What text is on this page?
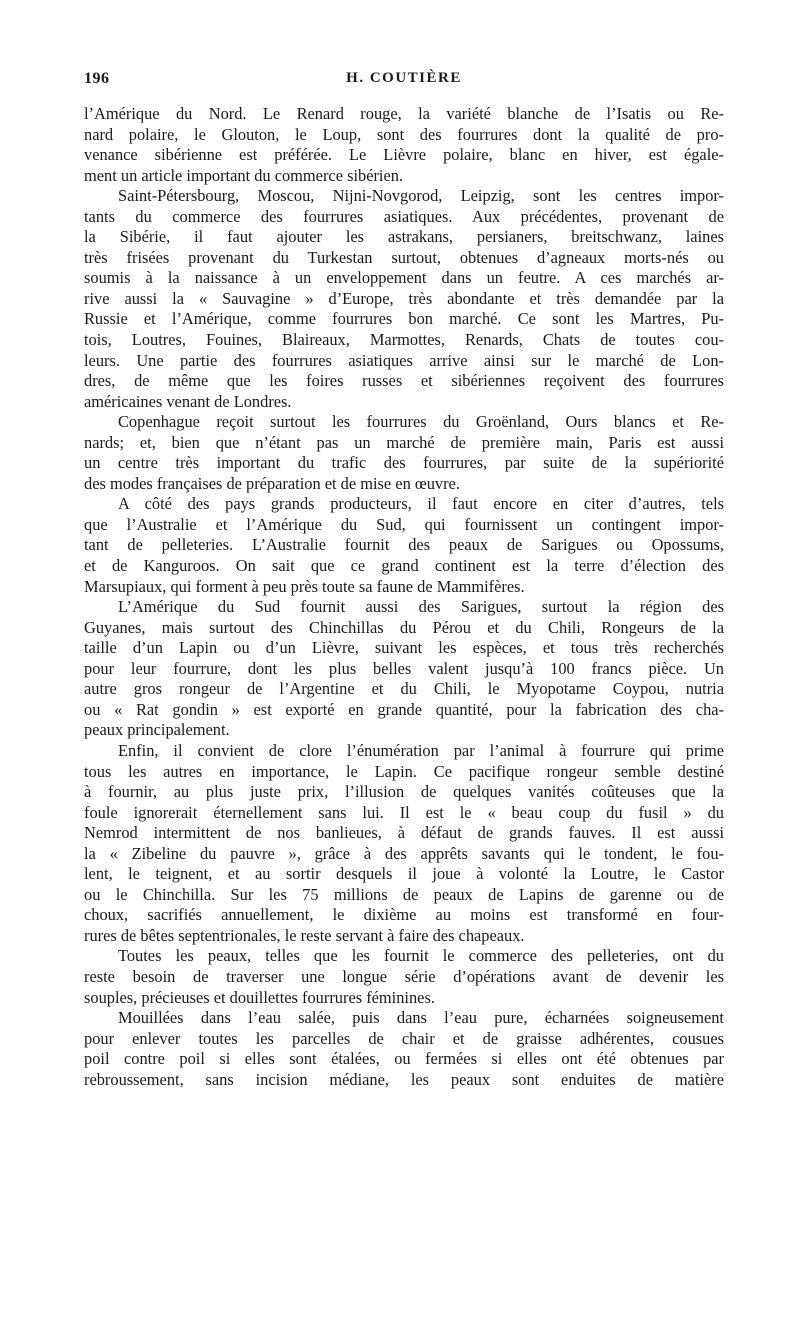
196	H. COUTIÈRE
l’Amérique du Nord. Le Renard rouge, la variété blanche de l’Isatis ou Re-
nard polaire, le Glouton, le Loup, sont des fourrures dont la qualité de pro-
venance sibérienne est préférée. Le Lièvre polaire, blanc en hiver, est égale-
ment un article important du commerce sibérien.
Saint-Pétersbourg, Moscou, Nijni-Novgorod, Leipzig, sont les centres impor-
tants du commerce des fourrures asiatiques. Aux précédentes, provenant de
la Sibérie, il faut ajouter les astrakans, persianers, breitschwanz, laines
très frisées provenant du Turkestan surtout, obtenues d’agneaux morts-nés ou
soumis à la naissance à un enveloppement dans un feutre. A ces marchés ar-
rive aussi la « Sauvagine » d’Europe, très abondante et très demandée par la
Russie et l’Amérique, comme fourrures bon marché. Ce sont les Martres, Pu-
tois, Loutres, Fouines, Blaireaux, Marmottes, Renards, Chats de toutes cou-
leurs. Une partie des fourrures asiatiques arrive ainsi sur le marché de Lon-
dres, de même que les foires russes et sibériennes reçoivent des fourrures
américaines venant de Londres.
Copenhague reçoit surtout les fourrures du Groënland, Ours blancs et Re-
nards; et, bien que n’étant pas un marché de première main, Paris est aussi
un centre très important du trafic des fourrures, par suite de la supériorité
des modes françaises de préparation et de mise en œuvre.
A côté des pays grands producteurs, il faut encore en citer d’autres, tels
que l’Australie et l’Amérique du Sud, qui fournissent un contingent impor-
tant de pelleteries. L’Australie fournit des peaux de Sarigues ou Opossums,
et de Kanguroos. On sait que ce grand continent est la terre d’élection des
Marsupiaux, qui forment à peu près toute sa faune de Mammifères.
L’Amérique du Sud fournit aussi des Sarigues, surtout la région des
Guyanes, mais surtout des Chinchillas du Pérou et du Chili, Rongeurs de la
taille d’un Lapin ou d’un Lièvre, suivant les espèces, et tous très recherchés
pour leur fourrure, dont les plus belles valent jusqu’à 100 francs pièce. Un
autre gros rongeur de l’Argentine et du Chili, le Myopotame Coypou, nutria
ou « Rat gondin » est exporté en grande quantité, pour la fabrication des cha-
peaux principalement.
Enfin, il convient de clore l’énumération par l’animal à fourrure qui prime
tous les autres en importance, le Lapin. Ce pacifique rongeur semble destiné
à fournir, au plus juste prix, l’illusion de quelques vanités coûteuses que la
foule ignorerait éternellement sans lui. Il est le « beau coup du fusil » du
Nemrod intermittent de nos banlieues, à défaut de grands fauves. Il est aussi
la « Zibeline du pauvre », grâce à des apprêts savants qui le tondent, le fou-
lent, le teignent, et au sortir desquels il joue à volonté la Loutre, le Castor
ou le Chinchilla. Sur les 75 millions de peaux de Lapins de garenne ou de
choux, sacrifiés annuellement, le dixième au moins est transformé en four-
rures de bêtes septentrionales, le reste servant à faire des chapeaux.
Toutes les peaux, telles que les fournit le commerce des pelleteries, ont du
reste besoin de traverser une longue série d’opérations avant de devenir les
souples, précieuses et douillettes fourrures féminines.
Mouillées dans l’eau salée, puis dans l’eau pure, écharnées soigneusement
pour enlever toutes les parcelles de chair et de graisse adhérentes, cousues
poil contre poil si elles sont étalées, ou fermées si elles ont été obtenues par
rebroussement, sans incision médiane, les peaux sont enduites de matière
